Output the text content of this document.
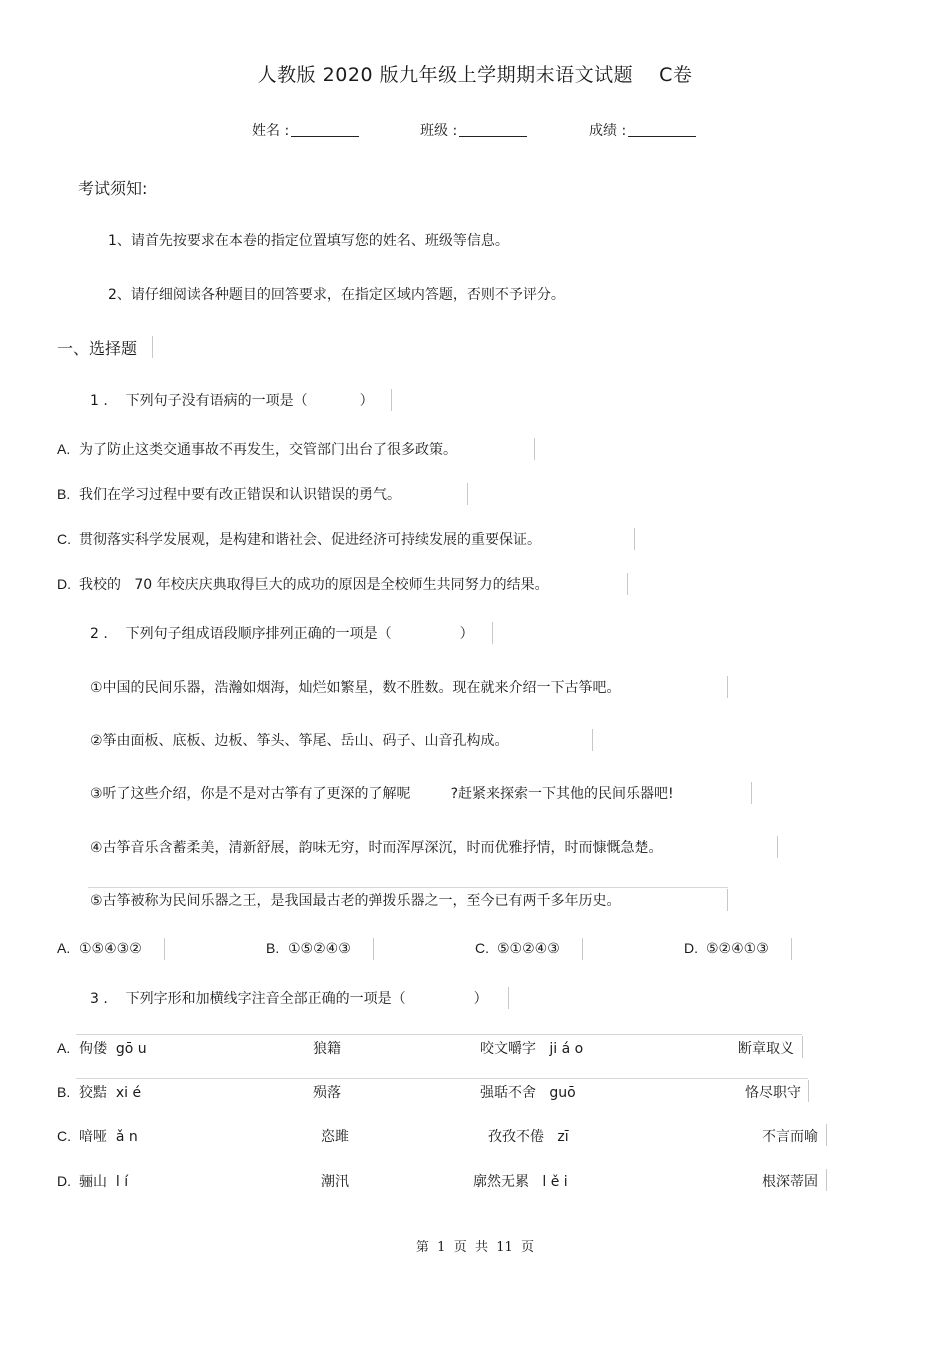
人教版 2020 版九年级上学期期末语文试题 C卷
姓名 :	班级 :	成绩 :
考试须知:
1、请首先按要求在本卷的指定位置填写您的姓名、班级等信息。
2、请仔细阅读各种题目的回答要求，在指定区域内答题，否则不予评分。
一、选择题
1 . 下列句子没有语病的一项是（	）
A. 为了防止这类交通事故不再发生，交管部门出台了很多政策。
B. 我们在学习过程中要有改正错误和认识错误的勇气。
C. 贯彻落实科学发展观，是构建和谐社会、促进经济可持续发展的重要保证。
D. 我校的   70 年校庆庆典取得巨大的成功的原因是全校师生共同努力的结果。
2 . 下列句子组成语段顺序排列正确的一项是（	）
①中国的民间乐器，浩瀚如烟海，灿烂如繁星，数不胜数。现在就来介绍一下古筝吧。
②筝由面板、底板、边板、筝头、筝尾、岳山、码子、山音孔构成。
③听了这些介绍，你是不是对古筝有了更深的了解呢         ?赶紧来探索一下其他的民间乐器吧!
④古筝音乐含蓄柔美，清新舒展，韵味无穷，时而浑厚深沉，时而优雅抒情，时而慷慨急楚。
⑤古筝被称为民间乐器之王，是我国最古老的弹拨乐器之一，至今已有两千多年历史。
A. ①⑤④③②	B. ①⑤②④③	C. ⑤①②④③	D. ⑤②④①③
3 . 下列字形和加横线字注音全部正确的一项是（	）
A. 佝偻  gō u	狼籍	咬文嚼字   ji á o	断章取义
B. 狡黠  xi é	殒落	强聒不舍   guō	恪尽职守
C. 喑哑  ǎ n	恣雎	孜孜不倦   zī	不言而喻
D. 骊山  l í	潮汛	廓然无累   l ě i	根深蒂固
第  1  页  共  11  页
